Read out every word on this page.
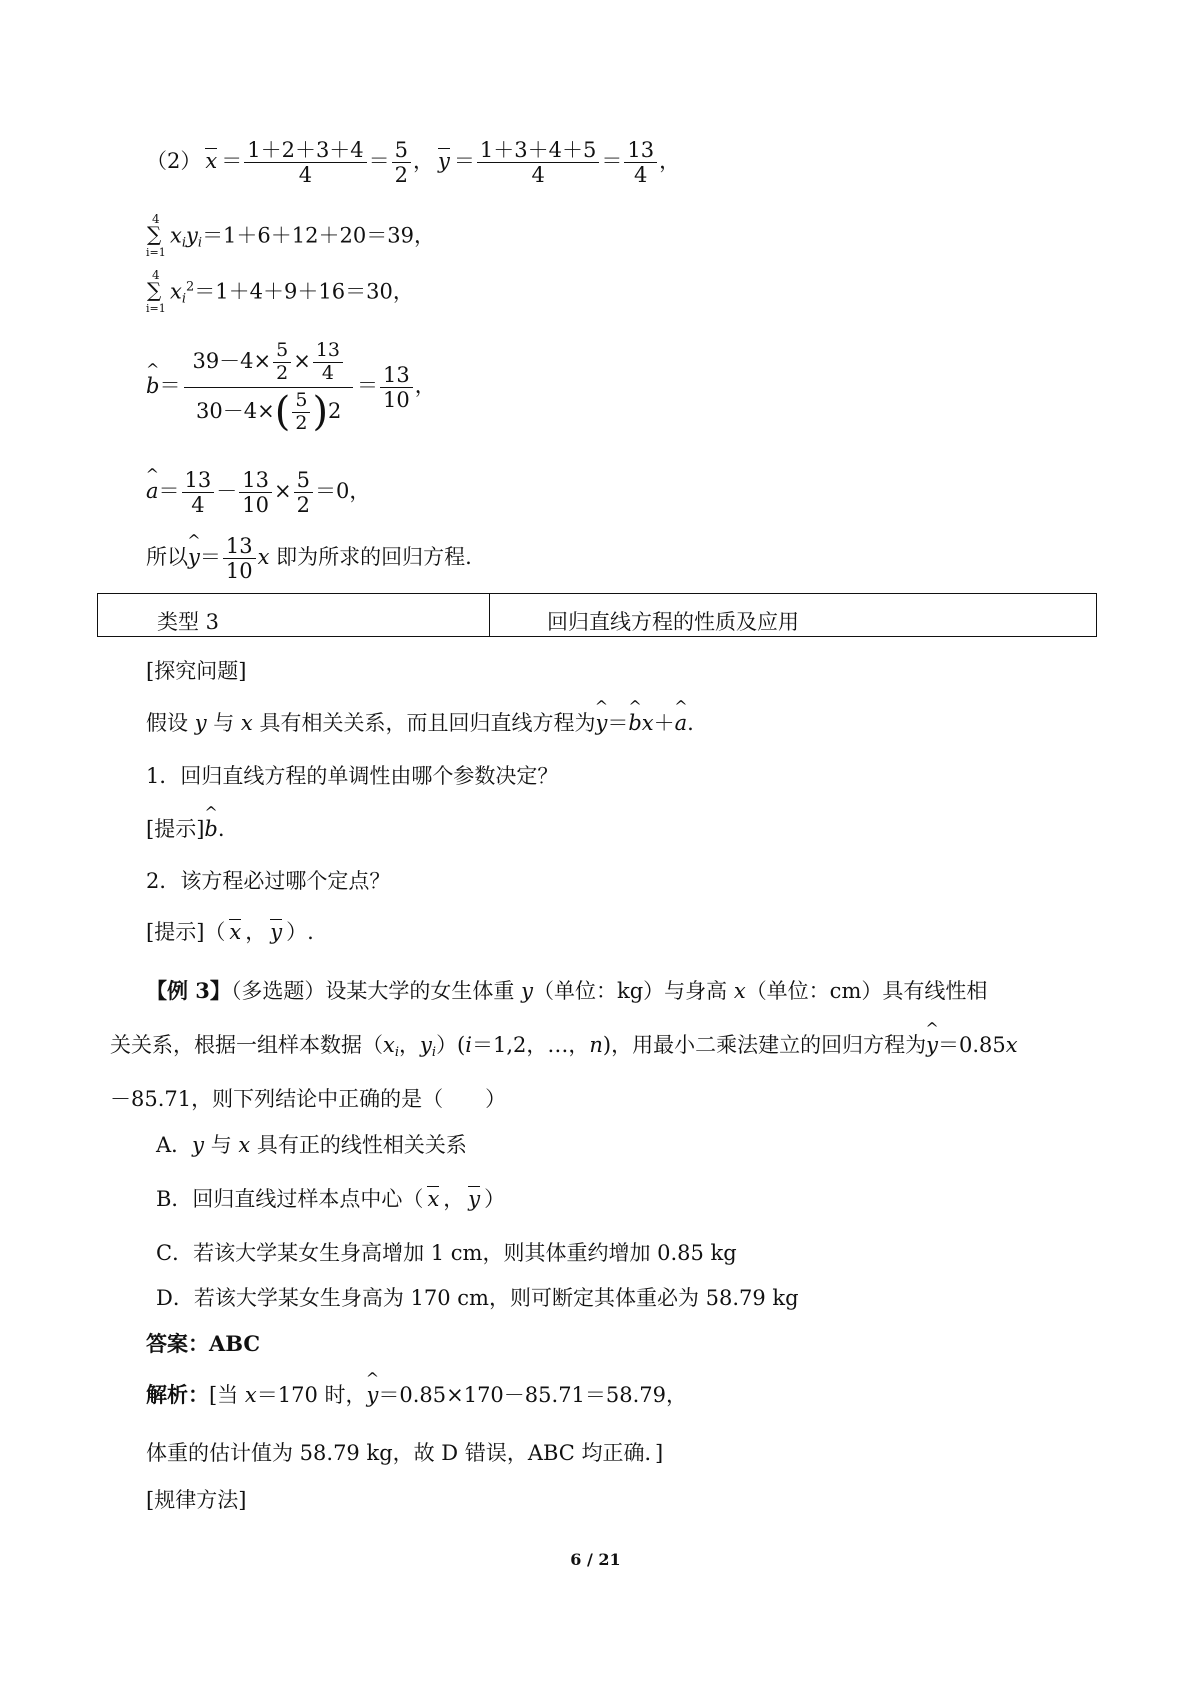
（2） $x = \frac{1+2+3+4}{4} = \frac{5}{2}$ ， $y = \frac{1+3+4+5}{4} = \frac{13}{4}$ ，
4
∑
i=1
$x_iy_i=1+6+12+20=39$，
4
∑
i=1
$x_i^2=1+4+9+16=30$，
^ $b= \frac{39-4\times \frac{5}{2} \times \frac{13}{4}}{30-4\times( \frac{5}{2} )2} = \frac{13}{10}$ ，
^ $a= \frac{13}{4} - \frac{13}{10} \times \frac{5}{2} =0$，
所以^ $y= \frac{13}{10}$ x 即为所求的回归方程.
类型 3	回归直线方程的性质及应用
[探究问题]
假设 y 与 x 具有相关关系，而且回归直线方程为^ y＝^ bx＋^ a.
1．回归直线方程的单调性由哪个参数决定？
[提示]^ b.
2．该方程必过哪个定点？
[提示]（ x ， y ）.
【例 3】（多选题）设某大学的女生体重 y（单位：kg）与身高 x（单位：cm）具有线性相
关关系，根据一组样本数据（$x_i$，$y_i)(i=1,2$，…，n)，用最小二乘法建立的回归方程为^ y＝0.85x
－85.71，则下列结论中正确的是（　　）
A．y 与 x 具有正的线性相关关系
B．回归直线过样本点中心（ x ， y ）
C．若该大学某女生身高增加 1 cm，则其体重约增加 0.85 kg
D．若该大学某女生身高为 170 cm，则可断定其体重必为 58.79 kg
答案：ABC
解析：[当 x＝170 时，^ y＝0.85×170－85.71＝58.79，
体重的估计值为 58.79 kg，故 D 错误，ABC 均正确．]
[规律方法]
6 / 21
